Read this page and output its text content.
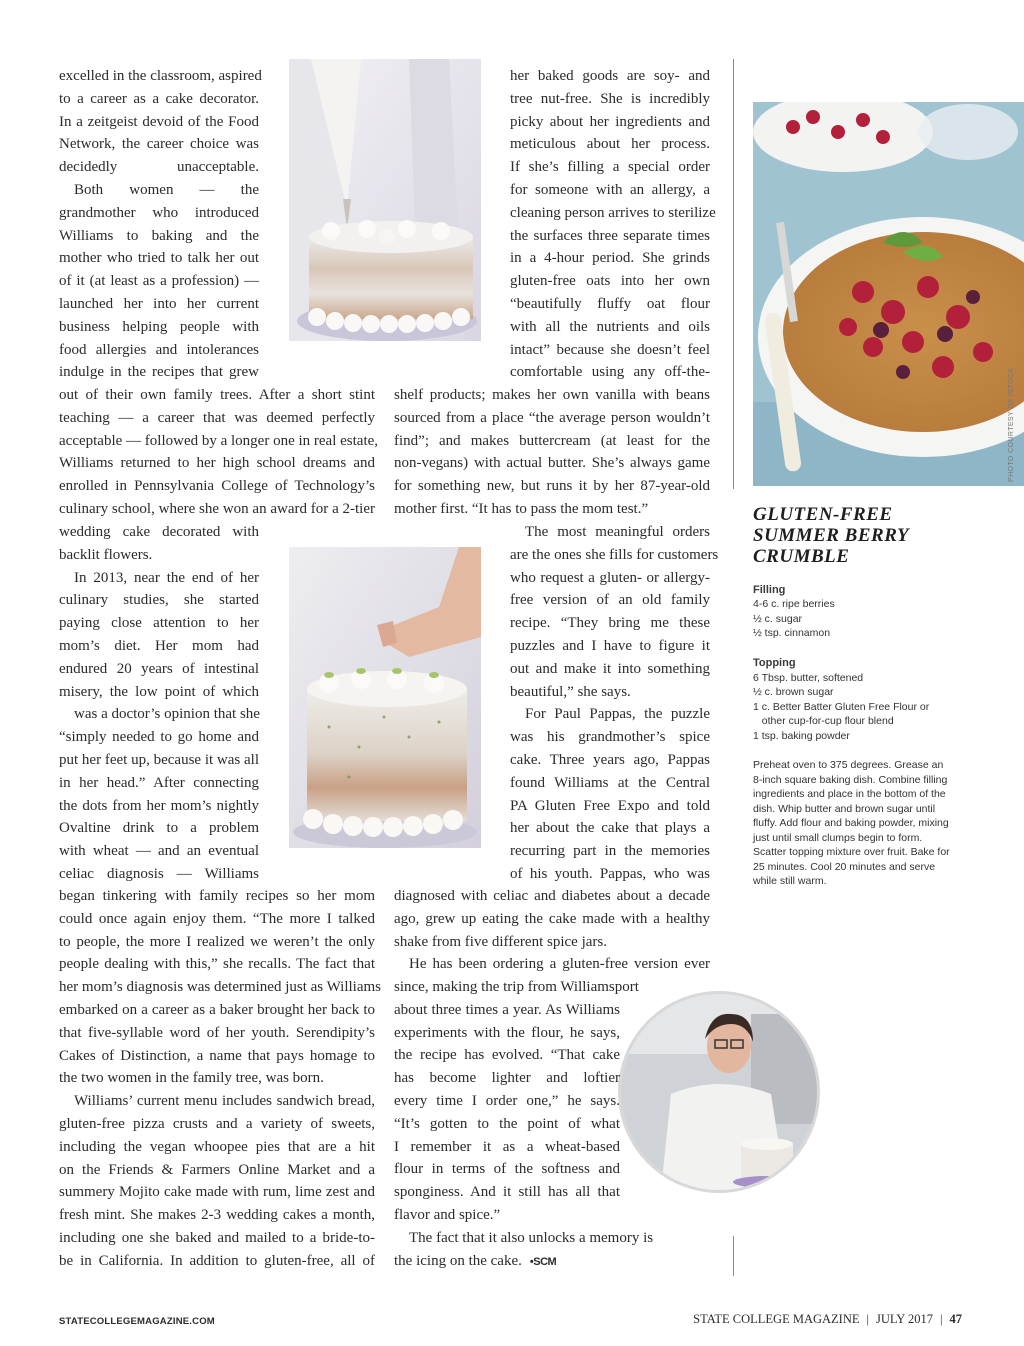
excelled in the classroom, aspired
to a career as a cake decorator.
In a zeitgeist devoid of the Food
Network, the career choice was
decidedly unacceptable.
Both women — the
grandmother who introduced
Williams to baking and the
mother who tried to talk her out
of it (at least as a profession) —
launched her into her current
business helping people with
food allergies and intolerances
indulge in the recipes that grew
out of their own family trees. After a short stint
teaching — a career that was deemed perfectly
acceptable — followed by a longer one in real estate,
Williams returned to her high school dreams and
enrolled in Pennsylvania College of Technology’s
culinary school, where she won an award for a 2-tier
wedding cake decorated with
backlit flowers.
In 2013, near the end of her
culinary studies, she started
paying close attention to her
mom’s diet. Her mom had
endured 20 years of intestinal
misery, the low point of which
was a doctor’s opinion that she
“simply needed to go home and
put her feet up, because it was all
in her head.” After connecting
the dots from her mom’s nightly
Ovaltine drink to a problem
with wheat — and an eventual
celiac diagnosis — Williams
began tinkering with family recipes so her mom
could once again enjoy them. “The more I talked
to people, the more I realized we weren’t the only
people dealing with this,” she recalls. The fact that
her mom’s diagnosis was determined just as Williams
embarked on a career as a baker brought her back to
that five-syllable word of her youth. Serendipity’s
Cakes of Distinction, a name that pays homage to
the two women in the family tree, was born.
Williams’ current menu includes sandwich bread,
gluten-free pizza crusts and a variety of sweets,
including the vegan whoopee pies that are a hit
on the Friends & Farmers Online Market and a
summery Mojito cake made with rum, lime zest and
fresh mint. She makes 2-3 wedding cakes a month,
including one she baked and mailed to a bride-to-
be in California. In addition to gluten-free, all of
her baked goods are soy- and
tree nut-free. She is incredibly
picky about her ingredients and
meticulous about her process.
If she’s filling a special order
for someone with an allergy, a
cleaning person arrives to sterilize
the surfaces three separate times
in a 4-hour period. She grinds
gluten-free oats into her own
“beautifully fluffy oat flour
with all the nutrients and oils
intact” because she doesn’t feel
comfortable using any off-the-
shelf products; makes her own vanilla with beans
sourced from a place “the average person wouldn’t
find”; and makes buttercream (at least for the
non-vegans) with actual butter. She’s always game
for something new, but runs it by her 87-year-old
mother first. “It has to pass the mom test.”
The most meaningful orders
are the ones she fills for customers
who request a gluten- or allergy-
free version of an old family
recipe. “They bring me these
puzzles and I have to figure it
out and make it into something
beautiful,” she says.
For Paul Pappas, the puzzle
was his grandmother’s spice
cake. Three years ago, Pappas
found Williams at the Central
PA Gluten Free Expo and told
her about the cake that plays a
recurring part in the memories
of his youth. Pappas, who was
diagnosed with celiac and diabetes about a decade
ago, grew up eating the cake made with a healthy
shake from five different spice jars.
He has been ordering a gluten-free version ever
since, making the trip from Williamsport
about three times a year. As Williams
experiments with the flour, he says,
the recipe has evolved. “That cake
has become lighter and loftier
every time I order one,” he says.
“It’s gotten to the point of what
I remember it as a wheat-based
flour in terms of the softness and
sponginess. And it still has all that
flavor and spice.”
The fact that it also unlocks a memory is
the icing on the cake. •SCM
GLUTEN-FREE
SUMMER BERRY
CRUMBLE
Filling
4-6 c. ripe berries
½ c. sugar
½ tsp. cinnamon
Topping
6 Tbsp. butter, softened
½ c. brown sugar
1 c. Better Batter Gluten Free Flour or
other cup-for-cup flour blend
1 tsp. baking powder
Preheat oven to 375 degrees. Grease an
8-inch square baking dish. Combine filling
ingredients and place in the bottom of the
dish. Whip butter and brown sugar until
fluffy. Add flour and baking powder, mixing
just until small clumps begin to form.
Scatter topping mixture over fruit. Bake for
25 minutes. Cool 20 minutes and serve
while still warm.
PHOTO COURTESY OF ISTOCK
STATECOLLEGEMAGAZINE.COM	STATE COLLEGE MAGAZINE | JULY 2017 | 47
